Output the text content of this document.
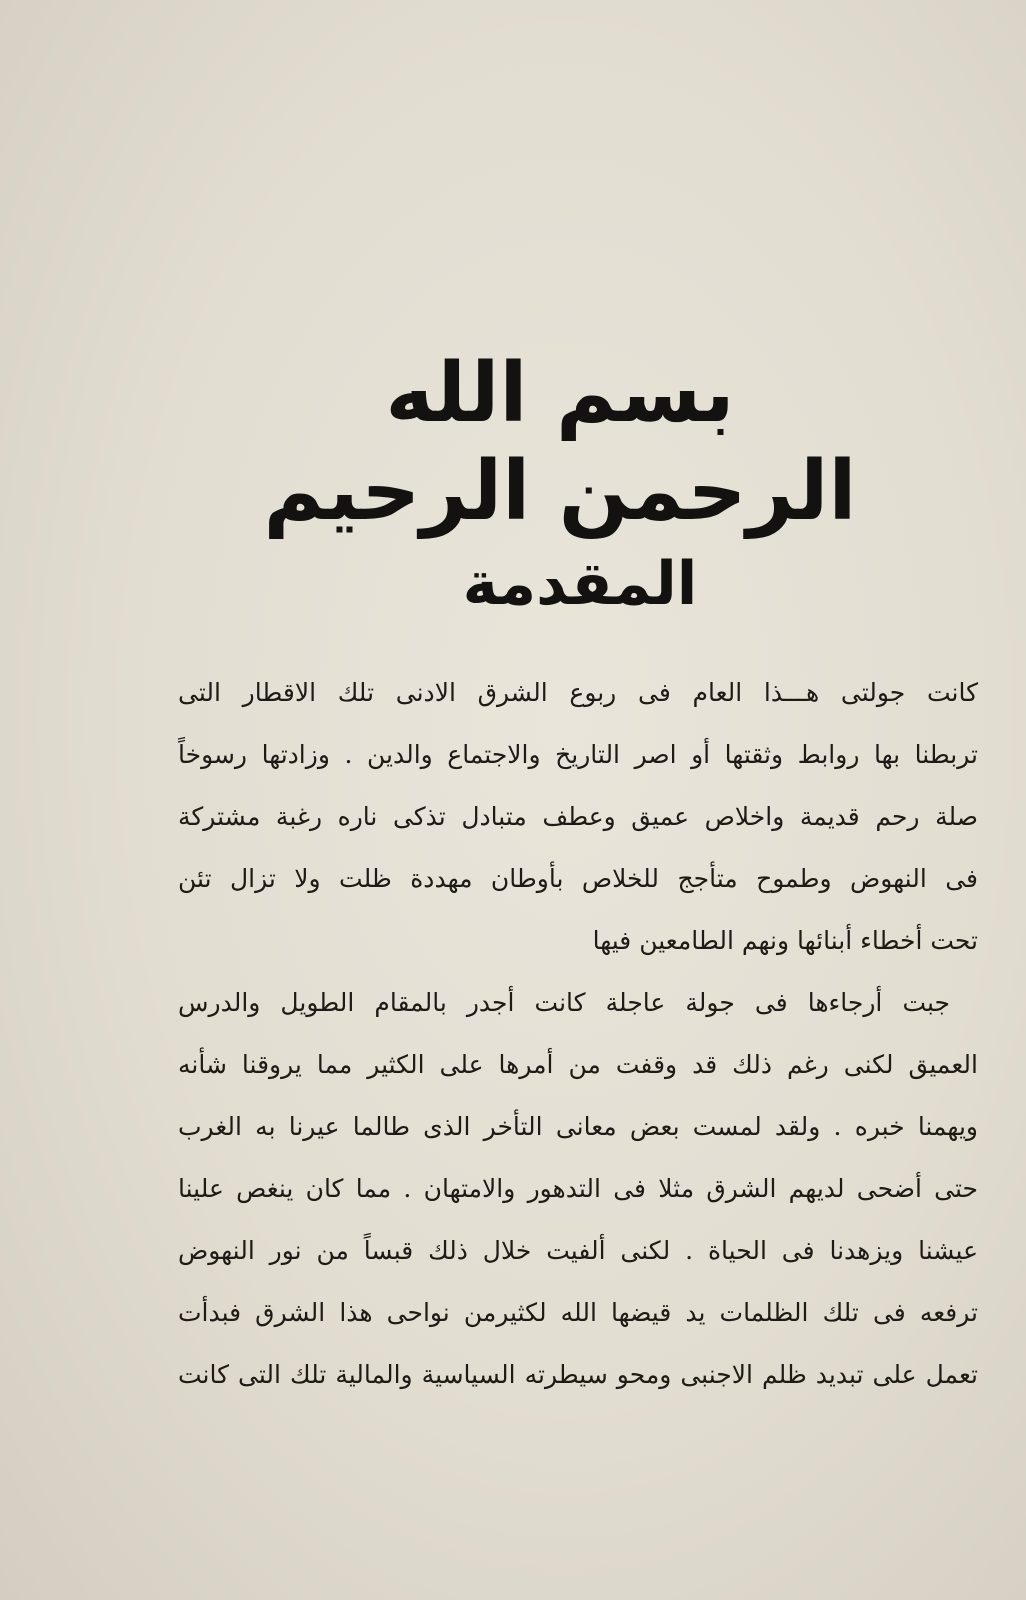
بسم الله الرحمن الرحيم
المقدمة
كانت جولتى هـــذا العام فى ربوع الشرق الادنى تلك الاقطار التى
تربطنا بها روابط وثقتها أو اصر التاريخ والاجتماع والدين . وزادتها رسوخاً
صلة رحم قديمة واخلاص عميق وعطف متبادل تذكى ناره رغبة مشتركة
فى النهوض وطموح متأجج للخلاص بأوطان مهددة ظلت ولا تزال تئن
تحت أخطاء أبنائها ونهم الطامعين فيها
جبت أرجاءها فى جولة عاجلة كانت أجدر بالمقام الطويل والدرس
العميق لكنى رغم ذلك قد وقفت من أمرها على الكثير مما يروقنا شأنه
ويهمنا خبره . ولقد لمست بعض معانى التأخر الذى طالما عيرنا به الغرب
حتى أضحى لديهم الشرق مثلا فى التدهور والامتهان . مما كان ينغص علينا
عيشنا ويزهدنا فى الحياة . لكنى ألفيت خلال ذلك قبساً من نور النهوض
ترفعه فى تلك الظلمات يد قيضها الله لكثيرمن نواحى هذا الشرق فبدأت
تعمل على تبديد ظلم الاجنبى ومحو سيطرته السياسية والمالية تلك التى كانت
